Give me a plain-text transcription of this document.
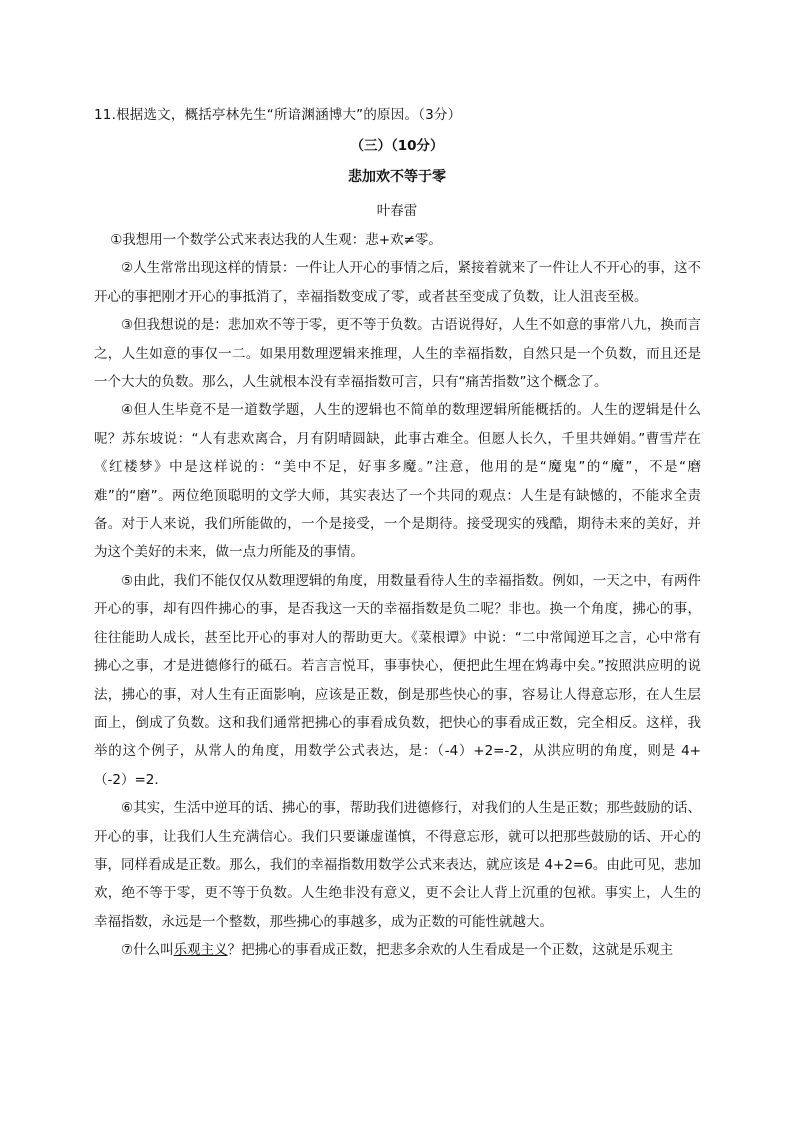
11.根据选文，概括亭林先生“所谙渊涵博大”的原因。（3分）
（三）（10分）
悲加欢不等于零
叶春雷

①我想用一个数学公式来表达我的人生观：悲+欢≠零。

②人生常常出现这样的情景：一件让人开心的事情之后，紧接着就来了一件让人不开心的事，这不开心的事把刚才开心的事抵消了，幸福指数变成了零，或者甚至变成了负数，让人沮丧至极。

③但我想说的是：悲加欢不等于零，更不等于负数。古语说得好，人生不如意的事常八九，换而言之，人生如意的事仅一二。如果用数理逻辑来推理，人生的幸福指数，自然只是一个负数，而且还是一个大大的负数。那么，人生就根本没有幸福指数可言，只有“痛苦指数”这个概念了。

④但人生毕竟不是一道数学题，人生的逻辑也不简单的数理逻辑所能概括的。人生的逻辑是什么呢？苏东坡说：“人有悲欢离合，月有阴晴圆缺，此事古难全。但愿人长久，千里共婵娟。”曹雪芹在《红楼梦》中是这样说的：“美中不足，好事多魔。”注意，他用的是“魔鬼”的“魔”，不是“磨难”的“磨”。两位绝顶聪明的文学大师，其实表达了一个共同的观点：人生是有缺憾的，不能求全责备。对于人来说，我们所能做的，一个是接受，一个是期待。接受现实的残酷，期待未来的美好，并为这个美好的未来，做一点力所能及的事情。

⑤由此，我们不能仅仅从数理逻辑的角度，用数量看待人生的幸福指数。例如，一天之中，有两件开心的事，却有四件拂心的事，是否我这一天的幸福指数是负二呢？非也。换一个角度，拂心的事，往往能助人成长，甚至比开心的事对人的帮助更大。《菜根谭》中说：“二中常闻逆耳之言，心中常有拂心之事，才是进德修行的砥石。若言言悦耳，事事快心，便把此生埋在鸩毒中矣。”按照洪应明的说法，拂心的事，对人生有正面影响，应该是正数，倒是那些快心的事，容易让人得意忘形，在人生层面上，倒成了负数。这和我们通常把拂心的事看成负数，把快心的事看成正数，完全相反。这样，我举的这个例子，从常人的角度，用数学公式表达，是：（-4）+2=-2，从洪应明的角度，则是 4+（-2）=2.

⑥其实，生活中逆耳的话、拂心的事，帮助我们进德修行，对我们的人生是正数；那些鼓励的话、开心的事，让我们人生充满信心。我们只要谦虚谨慎，不得意忘形，就可以把那些鼓励的话、开心的事，同样看成是正数。那么，我们的幸福指数用数学公式来表达，就应该是 4+2=6。由此可见，悲加欢，绝不等于零，更不等于负数。人生绝非没有意义，更不会让人背上沉重的包袱。事实上，人生的幸福指数，永远是一个整数，那些拂心的事越多，成为正数的可能性就越大。

⑦什么叫乐观主义？把拂心的事看成正数，把悲多余欢的人生看成是一个正数，这就是乐观主
